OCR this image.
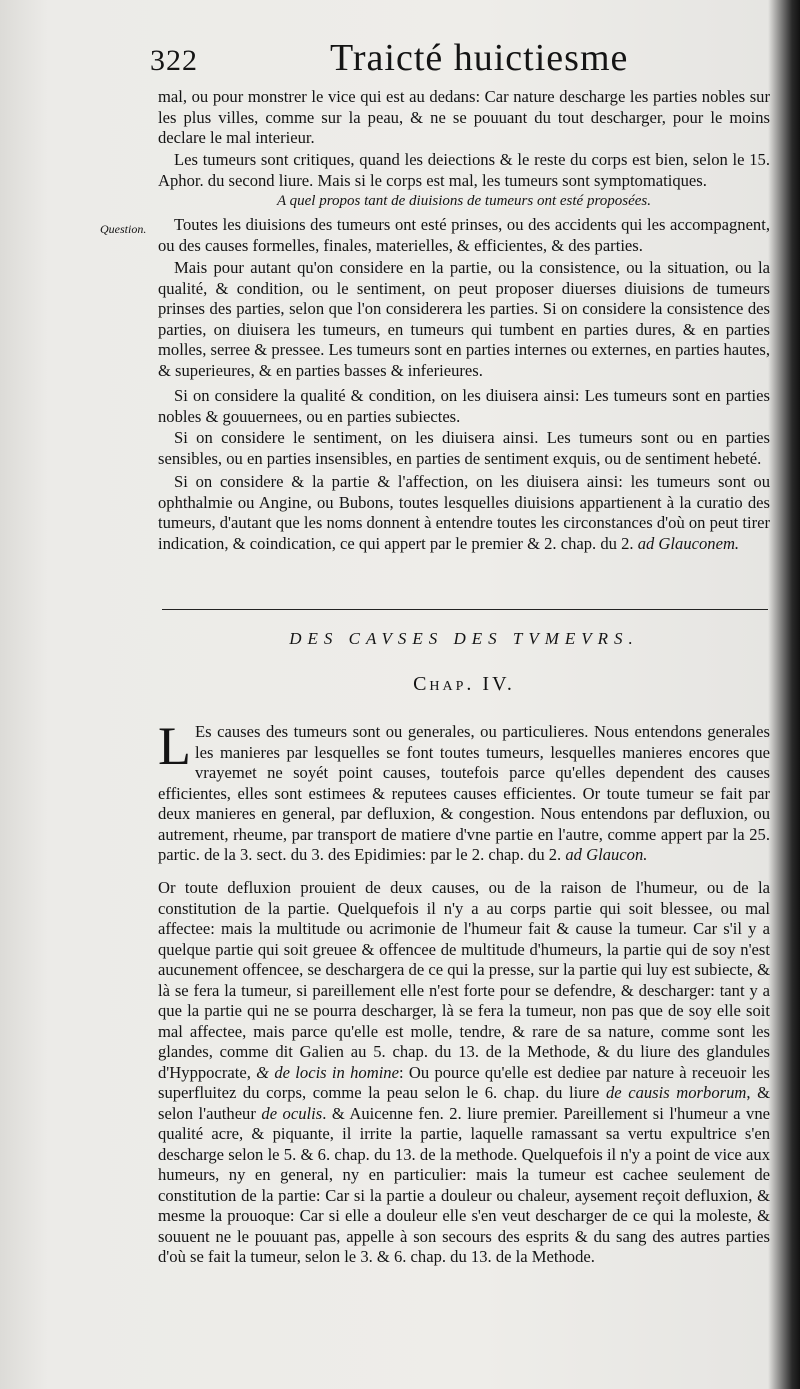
322	Traicté huictiesme

mal, ou pour monstrer le vice qui est au dedans: Car nature descharge les parties nobles sur les plus villes, comme sur la peau, & ne se pouuant du tout descharger, pour le moins declare le mal interieur.

Les tumeurs sont critiques, quand les deiections & le reste du corps est bien, selon le 15. Aphor. du second liure. Mais si le corps est mal, les tumeurs sont symptomatiques.

A quel propos tant de diuisions de tumeurs ont esté proposées.
Question.	Toutes les diuisions des tumeurs ont esté prinses, ou des accidents qui les accompagnent, ou des causes formelles, finales, materielles, & efficientes, & des parties.

Mais pour autant qu'on considere en la partie, ou la consistence, ou la situation, ou la qualité, & condition, ou le sentiment, on peut proposer diuerses diuisions de tumeurs prinses des parties, selon que l'on considerera les parties. Si on considere la consistence des parties, on diuisera les tumeurs, en tumeurs qui tumbent en parties dures, & en parties molles, serree & pressee. Les tumeurs sont en parties internes ou externes, en parties hautes, & superieures, & en parties basses & inferieures.

Si on considere la qualité & condition, on les diuisera ainsi: Les tumeurs sont en parties nobles & gouuernees, ou en parties subiectes.

Si on considere le sentiment, on les diuisera ainsi. Les tumeurs sont ou en parties sensibles, ou en parties insensibles, en parties de sentiment exquis, ou de sentiment hebeté.

Si on considere & la partie & l'affection, on les diuisera ainsi: les tumeurs sont ou ophthalmie ou Angine, ou Bubons, toutes lesquelles diuisions appartienent à la curatio des tumeurs, d'autant que les noms donnent à entendre toutes les circonstances d'où on peut tirer indication, & coindication, ce qui appert par le premier & 2. chap. du 2. ad Glauconem.

DES CAVSES DES TVMEVRS.
Chap. IV.

L Es causes des tumeurs sont ou generales, ou particulieres. Nous entendons generales les manieres par lesquelles se font toutes tumeurs, lesquelles manieres encores que vrayemet ne soyét point causes, toutefois parce qu'elles dependent des causes efficientes, elles sont estimees & reputees causes efficientes. Or toute tumeur se fait par deux manieres en general, par defluxion, & congestion. Nous entendons par defluxion, ou autrement, rheume, par transport de matiere d'vne partie en l'autre, comme appert par la 25. partic. de la 3. sect. du 3. des Epidimies: par le 2. chap. du 2. ad Glaucon.

Or toute defluxion prouient de deux causes, ou de la raison de l'humeur, ou de la constitution de la partie. Quelquefois il n'y a au corps partie qui soit blessee, ou mal affectee: mais la multitude ou acrimonie de l'humeur fait & cause la tumeur. Car s'il y a quelque partie qui soit greuee & offencee de multitude d'humeurs, la partie qui de soy n'est aucunement offencee, se deschargera de ce qui la presse, sur la partie qui luy est subiecte, & là se fera la tumeur, si pareillement elle n'est forte pour se defendre, & descharger: tant y a que la partie qui ne se pourra descharger, là se fera la tumeur, non pas que de soy elle soit mal affectee, mais parce qu'elle est molle, tendre, & rare de sa nature, comme sont les glandes, comme dit Galien au 5. chap. du 13. de la Methode, & du liure des glandules d'Hyppocrate, & de locis in homine: Ou pource qu'elle est dediee par nature à receuoir les superfluitez du corps, comme la peau selon le 6. chap. du liure de causis morborum, & selon l'autheur de oculis. & Auicenne fen. 2. liure premier. Pareillement si l'humeur a vne qualité acre, & piquante, il irrite la partie, laquelle ramassant sa vertu expultrice s'en descharge selon le 5. & 6. chap. du 13. de la methode. Quelquefois il n'y a point de vice aux humeurs, ny en general, ny en particulier: mais la tumeur est cachee seulement de constitution de la partie: Car si la partie a douleur ou chaleur, aysement reçoit defluxion, & mesme la prouoque: Car si elle a douleur elle s'en veut descharger de ce qui la moleste, & souuent ne le pouuant pas, appelle à son secours des esprits & du sang des autres parties d'où se fait la tumeur, selon le 3. & 6. chap. du 13. de la Methode.
